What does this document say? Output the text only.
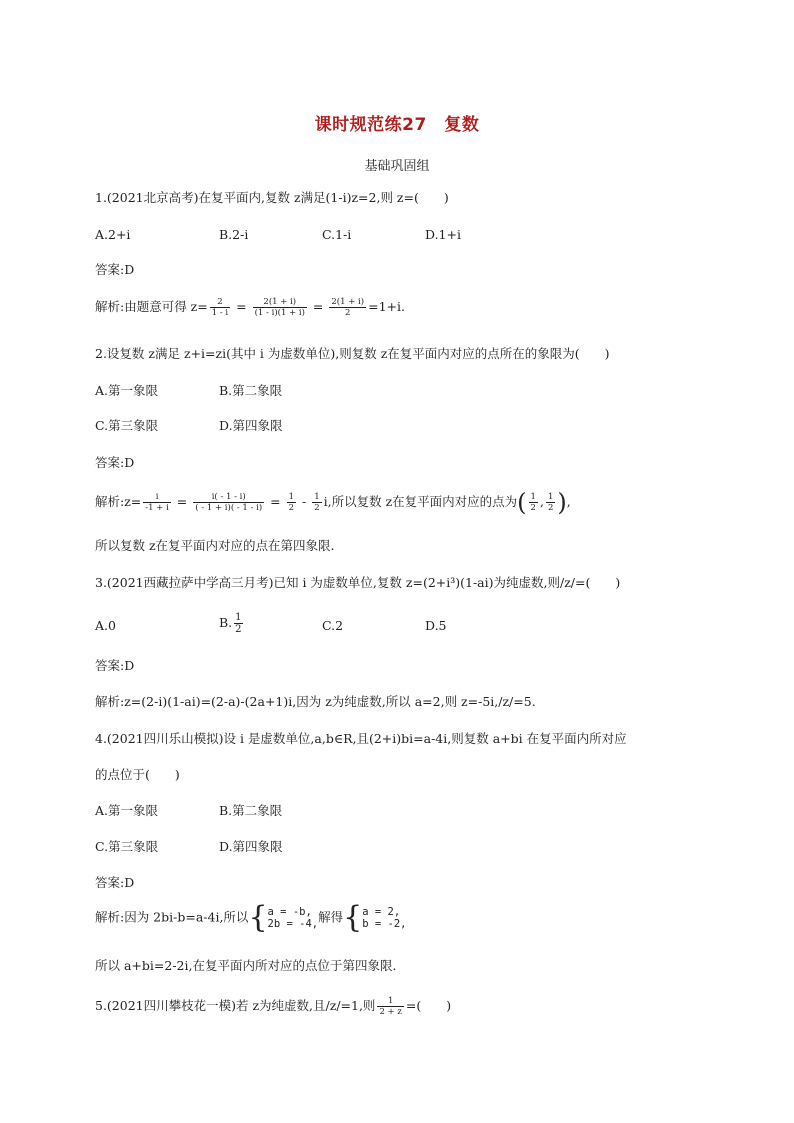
课时规范练27　复数
基础巩固组
1.(2021北京高考)在复平面内,复数 z满足(1-i)z=2,则 z=(　　)
A.2+i	B.2-i	C.1-i	D.1+i
答案:D
解析:由题意可得 $z= \frac{2}{1 - i} = \frac{2(1 + i)}{(1 - i)(1 + i)} = \frac{2(1 + i)}{2} =1+i$.
2.设复数 z满足 z+i=zi(其中 i 为虚数单位),则复数 z在复平面内对应的点所在的象限为(　　)
A.第一象限	B.第二象限
C.第三象限	D.第四象限
答案:D
解析:z= $\frac{i}{-1 + i} = \frac{i( - 1 - i)}{( - 1 + i)( - 1 - i)} = \frac{1}{2} - \frac{1}{2} i$,所以复数 z在复平面内对应的点为( $\frac{1}{2}$ , $\frac{1}{2}$ ),
所以复数 z在复平面内对应的点在第四象限.
3.(2021西藏拉萨中学高三月考)已知 i 为虚数单位,复数 z=(2+i³)(1-ai)为纯虚数,则/z/=(　　)
A.0	B. $\frac{1}{2}$	C.2	D.5
答案:D
解析:z=(2-i)(1-ai)=(2-a)-(2a+1)i,因为 z为纯虚数,所以 a=2,则 z=-5i,/z/=5.
4.(2021四川乐山模拟)设 i 是虚数单位,a,b∈R,且(2+i)bi=a-4i,则复数 a+bi 在复平面内所对应
的点位于(　　)
A.第一象限	B.第二象限
C.第三象限	D.第四象限
答案:D
解析:因为 2bi-b=a-4i,所以{ a = -b,
2b = -4, 解得{ a = 2,
b = -2,
所以 a+bi=2-2i,在复平面内所对应的点位于第四象限.
5.(2021四川攀枝花一模)若 z为纯虚数,且/z/=1,则 $\frac{1}{2 + z}$ =(　　)
